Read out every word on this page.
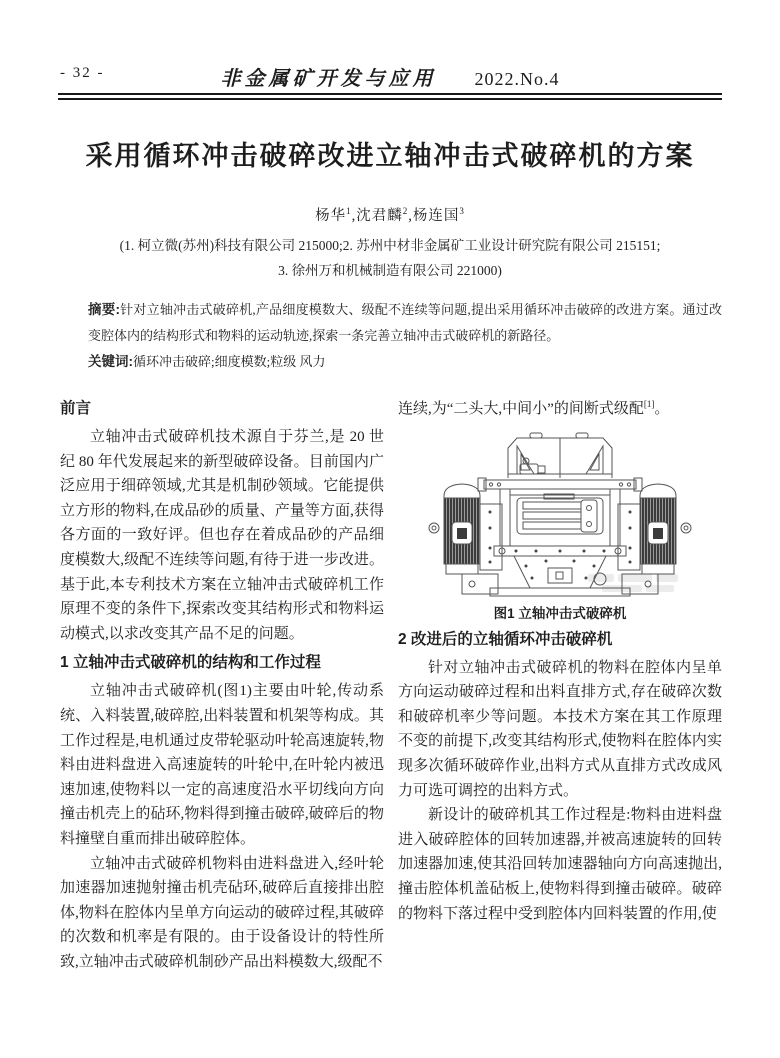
- 32 -	非金属矿开发与应用 2022.No.4
采用循环冲击破碎改进立轴冲击式破碎机的方案
杨华$^1$,沈君麟$^2$,杨连国$^3$
(1. 柯立微(苏州)科技有限公司 215000;2. 苏州中材非金属矿工业设计研究院有限公司 215151;
3. 徐州万和机械制造有限公司 221000)

摘要:针对立轴冲击式破碎机,产品细度模数大、级配不连续等问题,提出采用循环冲击破碎的改进方案。通过改变腔体内的结构形式和物料的运动轨迹,探索一条完善立轴冲击式破碎机的新路径。

关键词:循环冲击破碎;细度模数;粒级 风力

前言

立轴冲击式破碎机技术源自于芬兰,是 20 世纪 80 年代发展起来的新型破碎设备。目前国内广泛应用于细碎领域,尤其是机制砂领域。它能提供立方形的物料,在成品砂的质量、产量等方面,获得各方面的一致好评。但也存在着成品砂的产品细度模数大,级配不连续等问题,有待于进一步改进。基于此,本专利技术方案在立轴冲击式破碎机工作原理不变的条件下,探索改变其结构形式和物料运动模式,以求改变其产品不足的问题。

1 立轴冲击式破碎机的结构和工作过程

立轴冲击式破碎机(图1)主要由叶轮,传动系统、入料装置,破碎腔,出料装置和机架等构成。其工作过程是,电机通过皮带轮驱动叶轮高速旋转,物料由进料盘进入高速旋转的叶轮中,在叶轮内被迅速加速,使物料以一定的高速度沿水平切线向方向撞击机壳上的砧环,物料得到撞击破碎,破碎后的物料撞壁自重而排出破碎腔体。

立轴冲击式破碎机物料由进料盘进入,经叶轮加速器加速抛射撞击机壳砧环,破碎后直接排出腔体,物料在腔体内呈单方向运动的破碎过程,其破碎的次数和机率是有限的。由于设备设计的特性所致,立轴冲击式破碎机制砂产品出料模数大,级配不

连续,为“二头大,中间小”的间断式级配[1]。

图1 立轴冲击式破碎机
2 改进后的立轴循环冲击破碎机

针对立轴冲击式破碎机的物料在腔体内呈单方向运动破碎过程和出料直排方式,存在破碎次数和破碎机率少等问题。本技术方案在其工作原理不变的前提下,改变其结构形式,使物料在腔体内实现多次循环破碎作业,出料方式从直排方式改成风力可选可调控的出料方式。

新设计的破碎机其工作过程是:物料由进料盘进入破碎腔体的回转加速器,并被高速旋转的回转加速器加速,使其沿回转加速器轴向方向高速抛出,撞击腔体机盖砧板上,使物料得到撞击破碎。破碎的物料下落过程中受到腔体内回料装置的作用,使
